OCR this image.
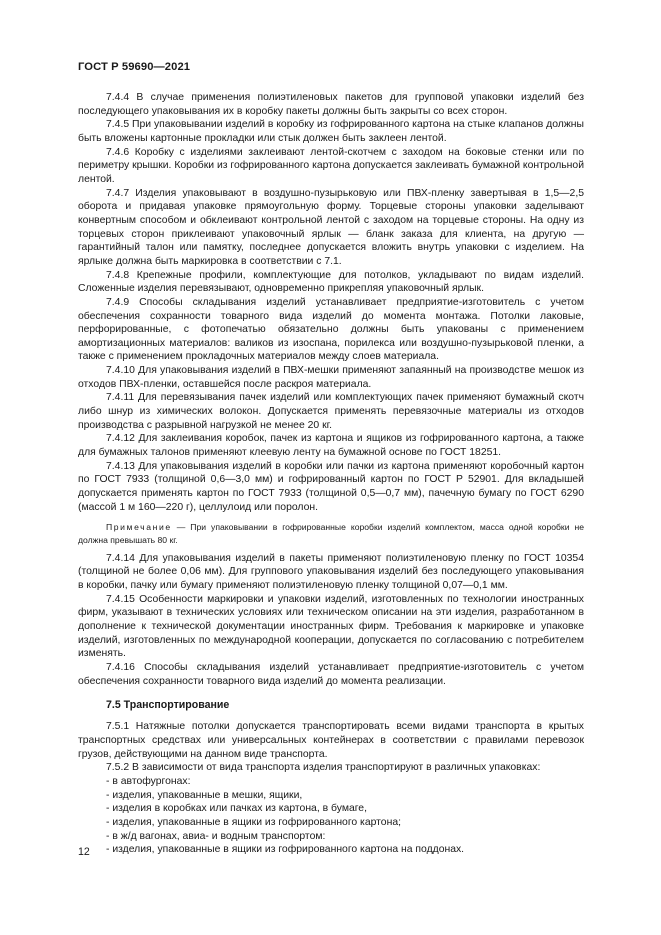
ГОСТ Р 59690—2021

7.4.4 В случае применения полиэтиленовых пакетов для групповой упаковки изделий без последующего упаковывания их в коробку пакеты должны быть закрыты со всех сторон.

7.4.5 При упаковывании изделий в коробку из гофрированного картона на стыке клапанов должны быть вложены картонные прокладки или стык должен быть заклеен лентой.

7.4.6 Коробку с изделиями заклеивают лентой-скотчем с заходом на боковые стенки или по периметру крышки. Коробки из гофрированного картона допускается заклеивать бумажной контрольной лентой.

7.4.7 Изделия упаковывают в воздушно-пузырьковую или ПВХ-пленку завертывая в 1,5—2,5 оборота и придавая упаковке прямоугольную форму. Торцевые стороны упаковки заделывают конвертным способом и обклеивают контрольной лентой с заходом на торцевые стороны. На одну из торцевых сторон приклеивают упаковочный ярлык — бланк заказа для клиента, на другую — гарантийный талон или памятку, последнее допускается вложить внутрь упаковки с изделием. На ярлыке должна быть маркировка в соответствии с 7.1.

7.4.8 Крепежные профили, комплектующие для потолков, укладывают по видам изделий. Сложенные изделия перевязывают, одновременно прикрепляя упаковочный ярлык.

7.4.9 Способы складывания изделий устанавливает предприятие-изготовитель с учетом обеспечения сохранности товарного вида изделий до момента монтажа. Потолки лаковые, перфорированные, с фотопечатью обязательно должны быть упакованы с применением амортизационных материалов: валиков из изоспана, порилекса или воздушно-пузырьковой пленки, а также с применением прокладочных материалов между слоев материала.

7.4.10 Для упаковывания изделий в ПВХ-мешки применяют запаянный на производстве мешок из отходов ПВХ-пленки, оставшейся после раскроя материала.

7.4.11 Для перевязывания пачек изделий или комплектующих пачек применяют бумажный скотч либо шнур из химических волокон. Допускается применять перевязочные материалы из отходов производства с разрывной нагрузкой не менее 20 кг.

7.4.12 Для заклеивания коробок, пачек из картона и ящиков из гофрированного картона, а также для бумажных талонов применяют клеевую ленту на бумажной основе по ГОСТ 18251.

7.4.13 Для упаковывания изделий в коробки или пачки из картона применяют коробочный картон по ГОСТ 7933 (толщиной 0,6—3,0 мм) и гофрированный картон по ГОСТ Р 52901. Для вкладышей допускается применять картон по ГОСТ 7933 (толщиной 0,5—0,7 мм), пачечную бумагу по ГОСТ 6290 (массой 1 м 160—220 г), целлулоид или поролон.

Примечание — При упаковывании в гофрированные коробки изделий комплектом, масса одной коробки не должна превышать 80 кг.

7.4.14 Для упаковывания изделий в пакеты применяют полиэтиленовую пленку по ГОСТ 10354 (толщиной не более 0,06 мм). Для группового упаковывания изделий без последующего упаковывания в коробки, пачку или бумагу применяют полиэтиленовую пленку толщиной 0,07—0,1 мм.

7.4.15 Особенности маркировки и упаковки изделий, изготовленных по технологии иностранных фирм, указывают в технических условиях или техническом описании на эти изделия, разработанном в дополнение к технической документации иностранных фирм. Требования к маркировке и упаковке изделий, изготовленных по международной кооперации, допускается по согласованию с потребителем изменять.

7.4.16 Способы складывания изделий устанавливает предприятие-изготовитель с учетом обеспечения сохранности товарного вида изделий до момента реализации.

7.5 Транспортирование

7.5.1 Натяжные потолки допускается транспортировать всеми видами транспорта в крытых транспортных средствах или универсальных контейнерах в соответствии с правилами перевозок грузов, действующими на данном виде транспорта.

7.5.2 В зависимости от вида транспорта изделия транспортируют в различных упаковках:

- в автофургонах:

- изделия, упакованные в мешки, ящики,

- изделия в коробках или пачках из картона, в бумаге,

- изделия, упакованные в ящики из гофрированного картона;

- в ж/д вагонах, авиа- и водным транспортом:

- изделия, упакованные в ящики из гофрированного картона на поддонах.

12
